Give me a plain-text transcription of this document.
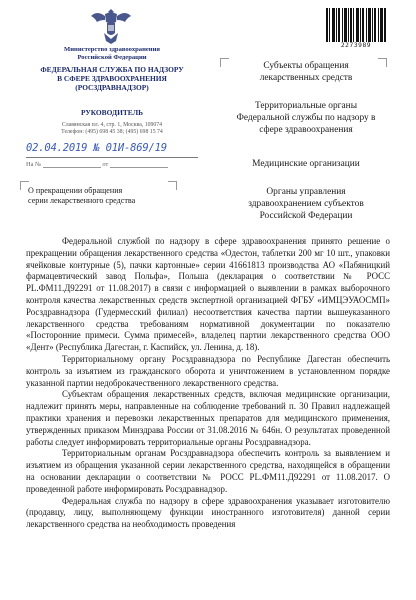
Министерство здравоохранения
Российской Федерации
ФЕДЕРАЛЬНАЯ СЛУЖБА ПО НАДЗОРУ
В СФЕРЕ ЗДРАВООХРАНЕНИЯ
(РОСЗДРАВНАДЗОР)
РУКОВОДИТЕЛЬ
Славянская пл. 4, стр. 1, Москва, 109074
Телефон: (495) 698 45 38; (495) 698 15 74
02.04.2019 № 01И-869/19
На №	от
О прекращении обращения
серии лекарственного средства
2273989
Субъекты обращения
лекарственных средств
Территориальные органы
Федеральной службы по надзору в
сфере здравоохранения
Медицинские организации
Органы управления
здравоохранением субъектов
Российской Федерации

Федеральной службой по надзору в сфере здравоохранения принято решение о прекращении обращения лекарственного средства «Одестон, таблетки 200 мг 10 шт., упаковки ячейковые контурные (5), пачки картонные» серии 41661813 производства АО «Пабяницкий фармацевтический завод Польфа», Польша (декларация о соответствии № РОСС PL.ФМ11.Д92291 от 11.08.2017) в связи с информацией о выявлении в рамках выборочного контроля качества лекарственных средств экспертной организацией ФГБУ «ИМЦЭУАОСМП» Росздравнадзора (Гудермесский филиал) несоответствия качества партии вышеуказанного лекарственного средства требованиям нормативной документации по показателю «Посторонние примеси. Сумма примесей», владелец партии лекарственного средства ООО «Дент» (Республика Дагестан, г. Каспийск, ул. Ленина, д. 18).

Территориальному органу Росздравнадзора по Республике Дагестан обеспечить контроль за изъятием из гражданского оборота и уничтожением в установленном порядке указанной партии недоброкачественного лекарственного средства.

Субъектам обращения лекарственных средств, включая медицинские организации, надлежит принять меры, направленные на соблюдение требований п. 30 Правил надлежащей практики хранения и перевозки лекарственных препаратов для медицинского применения, утвержденных приказом Минздрава России от 31.08.2016 № 646н. О результатах проведенной работы следует информировать территориальные органы Росздравнадзора.

Территориальным органам Росздравнадзора обеспечить контроль за выявлением и изъятием из обращения указанной серии лекарственного средства, находящейся в обращении на основании декларации о соответствии № РОСС PL.ФМ11.Д92291 от 11.08.2017. О проведенной работе информировать Росздравнадзор.

Федеральная служба по надзору в сфере здравоохранения указывает изготовителю (продавцу, лицу, выполняющему функции иностранного изготовителя) данной серии лекарственного средства на необходимость проведения
